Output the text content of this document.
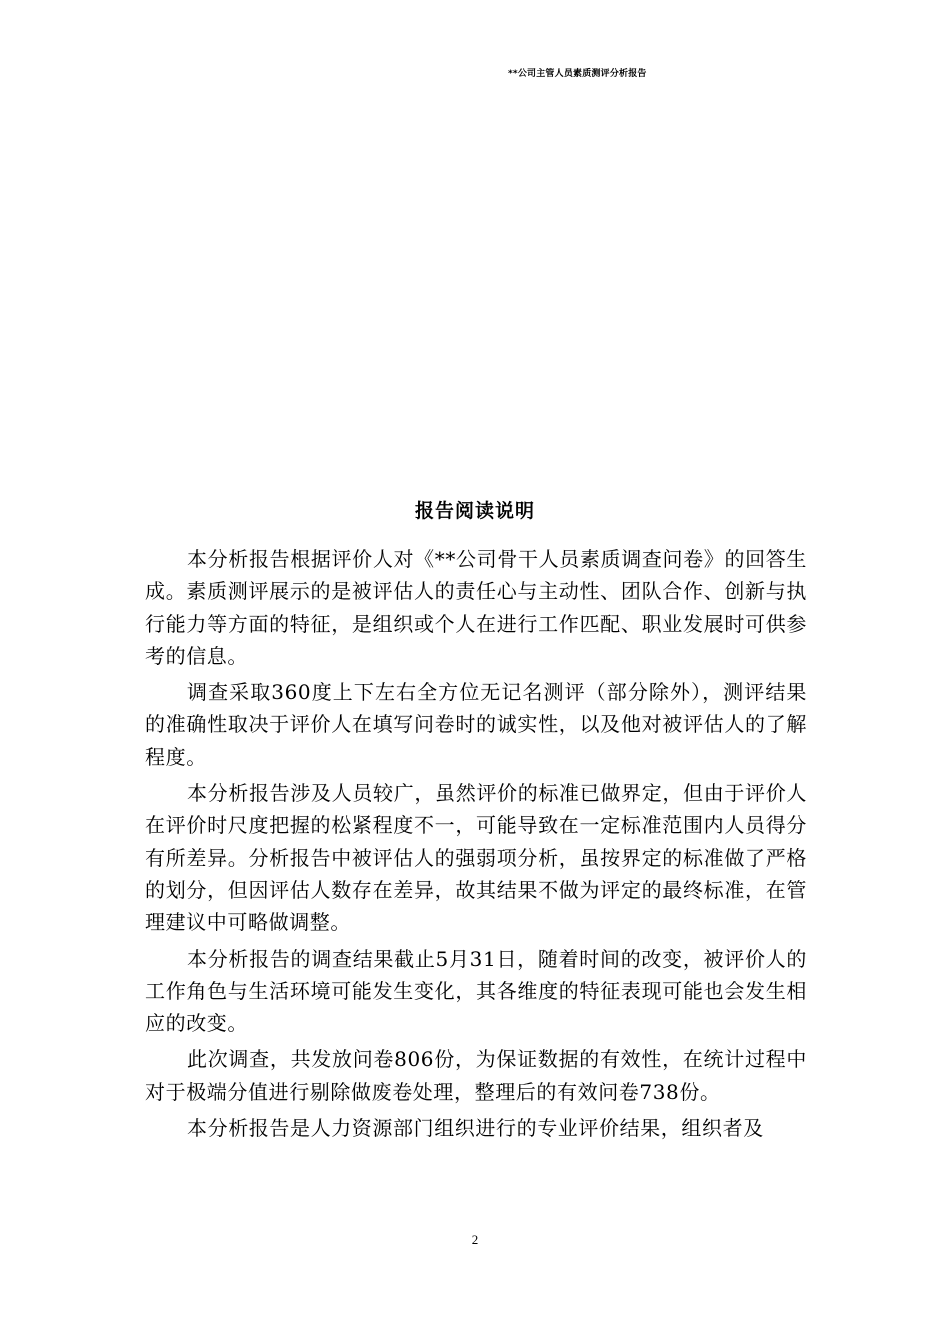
**公司主管人员素质测评分析报告
报告阅读说明

本分析报告根据评价人对《**公司骨干人员素质调查问卷》的回答生成。素质测评展示的是被评估人的责任心与主动性、团队合作、创新与执行能力等方面的特征，是组织或个人在进行工作匹配、职业发展时可供参考的信息。

调查采取360度上下左右全方位无记名测评（部分除外），测评结果的准确性取决于评价人在填写问卷时的诚实性，以及他对被评估人的了解程度。

本分析报告涉及人员较广，虽然评价的标准已做界定，但由于评价人在评价时尺度把握的松紧程度不一，可能导致在一定标准范围内人员得分有所差异。分析报告中被评估人的强弱项分析，虽按界定的标准做了严格的划分，但因评估人数存在差异，故其结果不做为评定的最终标准，在管理建议中可略做调整。

本分析报告的调查结果截止5月31日，随着时间的改变，被评价人的工作角色与生活环境可能发生变化，其各维度的特征表现可能也会发生相应的改变。

此次调查，共发放问卷806份，为保证数据的有效性，在统计过程中对于极端分值进行剔除做废卷处理，整理后的有效问卷738份。

本分析报告是人力资源部门组织进行的专业评价结果，组织者及

2
